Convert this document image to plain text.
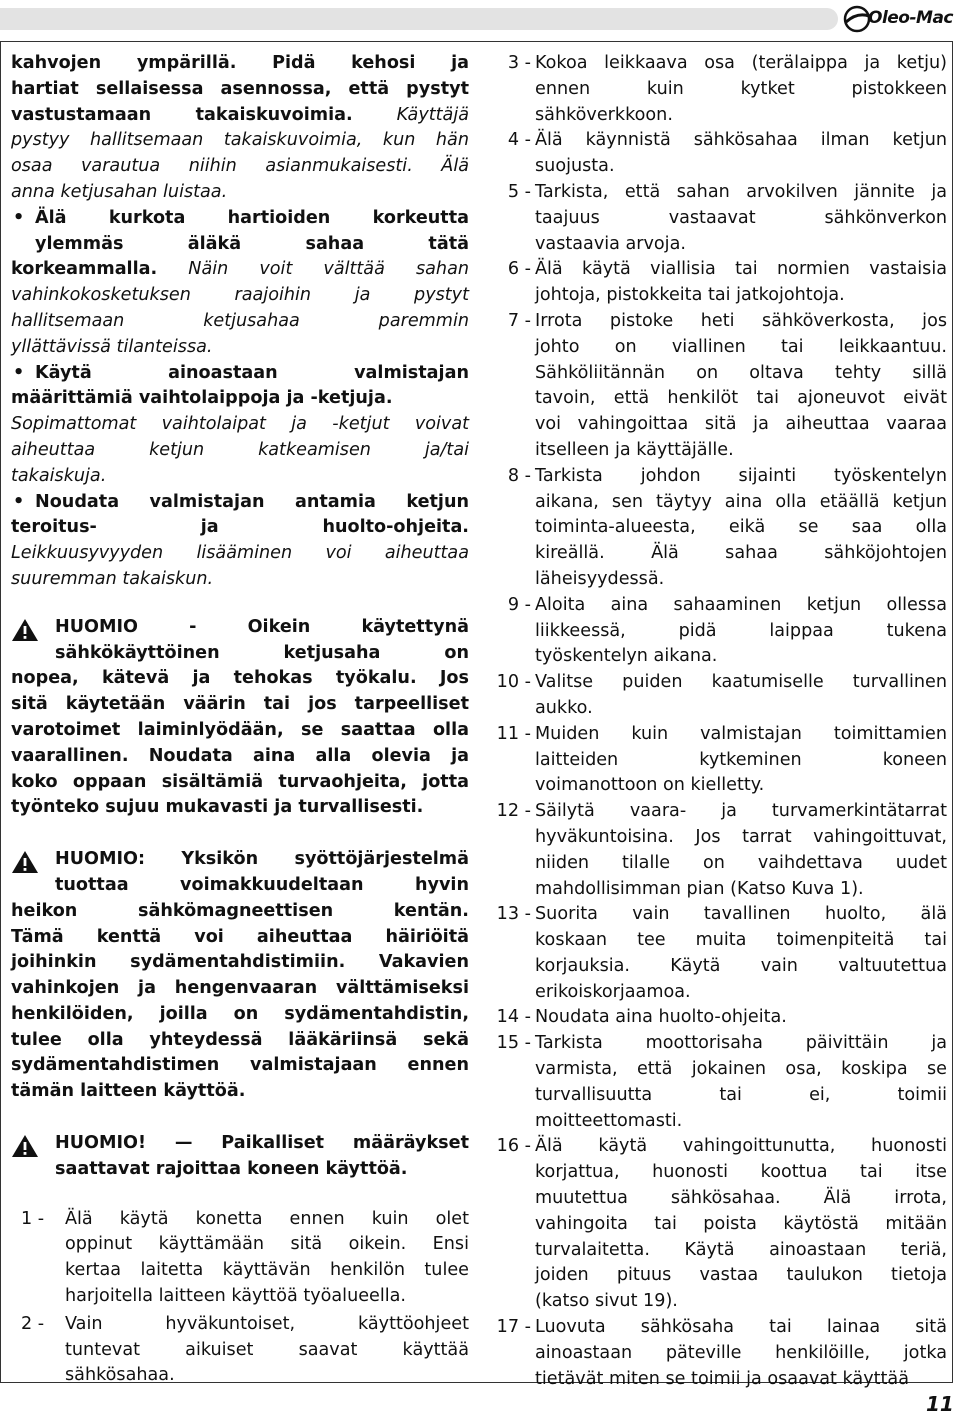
Oleo-Mac
kahvojen ympärillä. Pidä kehosi ja
hartiat sellaisessa asennossa, että pystyt
vastustamaan takaiskuvoimia. Käyttäjä
pystyy hallitsemaan takaiskuvoimia, kun hän
osaa varautua niihin asianmukaisesti. Älä
anna ketjusahan luistaa.
• Älä kurkota hartioiden korkeutta
ylemmäs äläkä sahaa tätä
korkeammalla. Näin voit välttää sahan
vahinkokosketuksen raajoihin ja pystyt
hallitsemaan ketjusahaa paremmin
yllättävissä tilanteissa.
• Käytä ainoastaan valmistajan
määrittämiä vaihtolaippoja ja -ketjuja.
Sopimattomat vaihtolaipat ja -ketjut voivat
aiheuttaa ketjun katkeamisen ja/tai
takaiskuja.
• Noudata valmistajan antamia ketjun
teroitus- ja huolto-ohjeita.
Leikkuusyvyyden lisääminen voi aiheuttaa
suuremman takaiskun.
HUOMIO - Oikein käytettynä
sähkökäyttöinen ketjusaha on
nopea, kätevä ja tehokas työkalu. Jos
sitä käytetään väärin tai jos tarpeelliset
varotoimet laiminlyödään, se saattaa olla
vaarallinen. Noudata aina alla olevia ja
koko oppaan sisältämiä turvaohjeita, jotta
työnteko sujuu mukavasti ja turvallisesti.
HUOMIO: Yksikön syöttöjärjestelmä
tuottaa voimakkuudeltaan hyvin
heikon sähkömagneettisen kentän.
Tämä kenttä voi aiheuttaa häiriöitä
joihinkin sydämentahdistimiin. Vakavien
vahinkojen ja hengenvaaran välttämiseksi
henkilöiden, joilla on sydämentahdistin,
tulee olla yhteydessä lääkäriinsä sekä
sydämentahdistimen valmistajaan ennen
tämän laitteen käyttöä.
HUOMIO! — Paikalliset määräykset
saattavat rajoittaa koneen käyttöä.
1 -	Älä käytä konetta ennen kuin olet
oppinut käyttämään sitä oikein. Ensi
kertaa laitetta käyttävän henkilön tulee
harjoitella laitteen käyttöä työalueella.
2 -	Vain hyväkuntoiset, käyttöohjeet
tuntevat aikuiset saavat käyttää
sähkösahaa.
3 - Kokoa leikkaava osa (terälaippa ja ketju)
ennen kuin kytket pistokkeen
sähköverkkoon.
4 - Älä käynnistä sähkösahaa ilman ketjun
suojusta.
5 - Tarkista, että sahan arvokilven jännite ja
taajuus vastaavat sähkönverkon
vastaavia arvoja.
6 - Älä käytä viallisia tai normien vastaisia
johtoja, pistokkeita tai jatkojohtoja.
7 - Irrota pistoke heti sähköverkosta, jos
johto on viallinen tai leikkaantuu.
Sähköliitännän on oltava tehty sillä
tavoin, että henkilöt tai ajoneuvot eivät
voi vahingoittaa sitä ja aiheuttaa vaaraa
itselleen ja käyttäjälle.
8 - Tarkista johdon sijainti työskentelyn
aikana, sen täytyy aina olla etäällä ketjun
toiminta-alueesta, eikä se saa olla
kireällä. Älä sahaa sähköjohtojen
läheisyydessä.
9 - Aloita aina sahaaminen ketjun ollessa
liikkeessä, pidä laippaa tukena
työskentelyn aikana.
10 - Valitse puiden kaatumiselle turvallinen
aukko.
11 - Muiden kuin valmistajan toimittamien
laitteiden kytkeminen koneen
voimanottoon on kielletty.
12 - Säilytä vaara- ja turvamerkintätarrat
hyväkuntoisina. Jos tarrat vahingoittuvat,
niiden tilalle on vaihdettava uudet
mahdollisimman pian (Katso Kuva 1).
13 - Suorita vain tavallinen huolto, älä
koskaan tee muita toimenpiteitä tai
korjauksia. Käytä vain valtuutettua
erikoiskorjaamoa.
14 - Noudata aina huolto-ohjeita.
15 - Tarkista moottorisaha päivittäin ja
varmista, että jokainen osa, koskipa se
turvallisuutta tai ei, toimii
moitteettomasti.
16 - Älä käytä vahingoittunutta, huonosti
korjattua, huonosti koottua tai itse
muutettua sähkösahaa. Älä irrota,
vahingoita tai poista käytöstä mitään
turvalaitetta. Käytä ainoastaan teriä,
joiden pituus vastaa taulukon tietoja
(katso sivut 19).
17 - Luovuta sähkösaha tai lainaa sitä
ainoastaan päteville henkilöille, jotka
tietävät miten se toimii ja osaavat käyttää
11
